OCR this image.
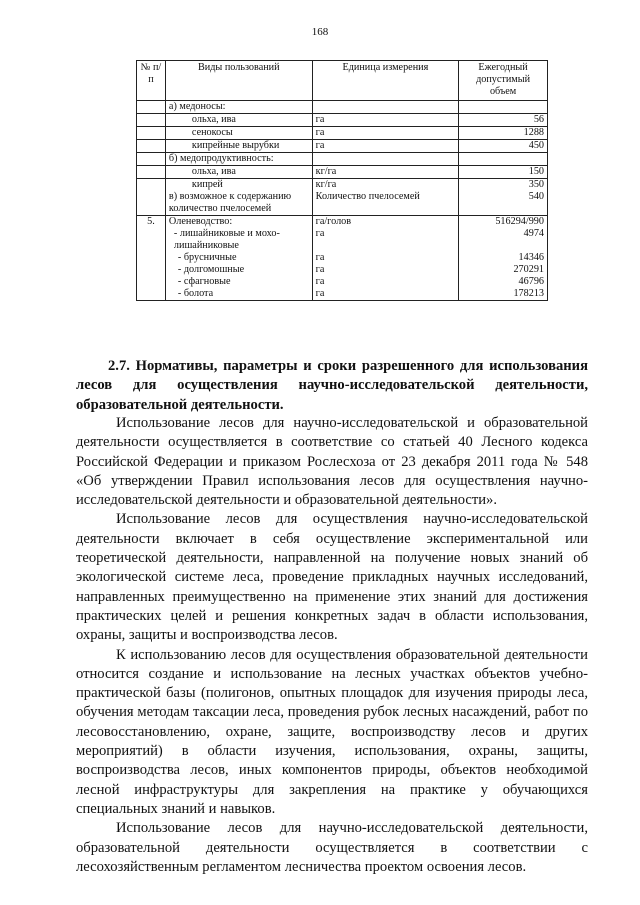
168
№ п/п	Виды пользований	Единица измерения	Ежегодный допустимый объем
	а) медоносы:		
	ольха, ива	га	56
	сенокосы	га	1288
	кипрейные вырубки	га	450
	б) медопродуктивность:		
	ольха, ива	кг/га	150
	кипрей	кг/га	350
	в) возможное к содержанию количество пчелосемей	Количество пчелосемей	540
5.	Оленеводство:	га/голов	516294/990
	- лишайниковые и мохо-лишайниковые	га	4974
	- брусничные	га	14346
	- долгомошные	га	270291
	- сфагновые	га	46796
	- болота	га	178213
2.7. Нормативы, параметры и сроки разрешенного для использования лесов для осуществления научно-исследовательской деятельности, образовательной деятельности.

Использование лесов для научно-исследовательской и образовательной деятельности осуществляется в соответствие со статьей 40 Лесного кодекса Российской Федерации и приказом Рослесхоза от 23 декабря 2011 года № 548 «Об утверждении Правил использования лесов для осуществления научно-исследовательской деятельности и образовательной деятельности».

Использование лесов для осуществления научно-исследовательской деятельности включает в себя осуществление экспериментальной или теоретической деятельности, направленной на получение новых знаний об экологической системе леса, проведение прикладных научных исследований, направленных преимущественно на применение этих знаний для достижения практических целей и решения конкретных задач в области использования, охраны, защиты и воспроизводства лесов.

К использованию лесов для осуществления образовательной деятельности относится создание и использование на лесных участках объектов учебно-практической базы (полигонов, опытных площадок для изучения природы леса, обучения методам таксации леса, проведения рубок лесных насаждений, работ по лесовосстановлению, охране, защите, воспроизводству лесов и других мероприятий) в области изучения, использования, охраны, защиты, воспроизводства лесов, иных компонентов природы, объектов необходимой лесной инфраструктуры для закрепления на практике у обучающихся специальных знаний и навыков.

Использование лесов для научно-исследовательской деятельности, образовательной деятельности осуществляется в соответствии с лесохозяйственным регламентом лесничества проектом освоения лесов.
